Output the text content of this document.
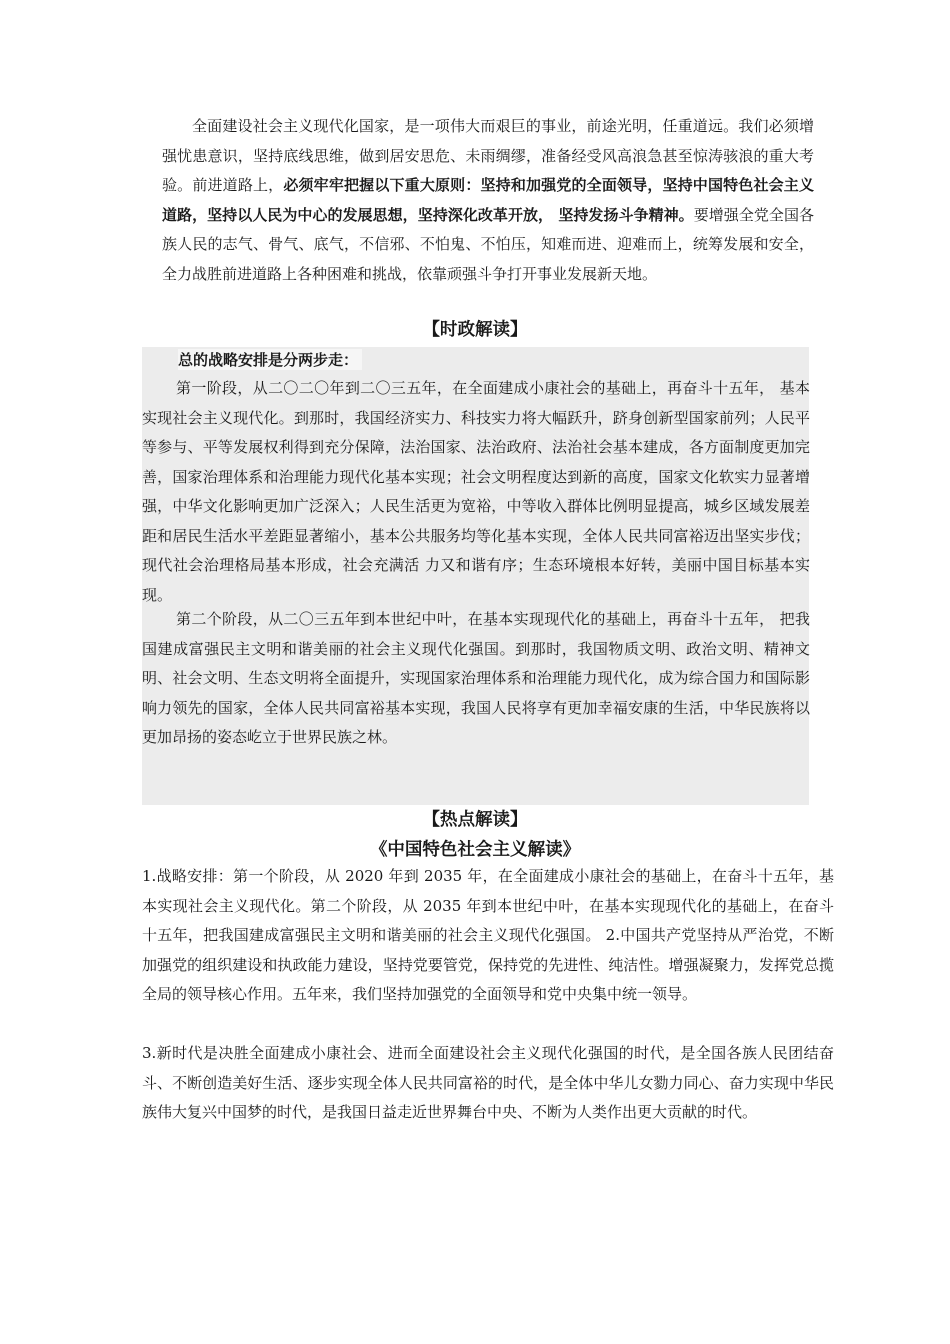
全面建设社会主义现代化国家，是一项伟大而艰巨的事业，前途光明，任重道远。我们必须增强忧患意识，坚持底线思维，做到居安思危、未雨绸缪，准备经受风高浪急甚至惊涛骇浪的重大考验。前进道路上，必须牢牢把握以下重大原则：坚持和加强党的全面领导，坚持中国特色社会主义道路，坚持以人民为中心的发展思想，坚持深化改革开放， 坚持发扬斗争精神。要增强全党全国各族人民的志气、骨气、底气，不信邪、不怕鬼、不怕压，知难而进、迎难而上，统筹发展和安全，全力战胜前进道路上各种困难和挑战，依靠顽强斗争打开事业发展新天地。

【时政解读】

总的战略安排是分两步走：

第一阶段，从二〇二〇年到二〇三五年，在全面建成小康社会的基础上，再奋斗十五年， 基本实现社会主义现代化。到那时，我国经济实力、科技实力将大幅跃升，跻身创新型国家前列；人民平等参与、平等发展权利得到充分保障，法治国家、法治政府、法治社会基本建成，各方面制度更加完善，国家治理体系和治理能力现代化基本实现；社会文明程度达到新的高度，国家文化软实力显著增强，中华文化影响更加广泛深入；人民生活更为宽裕，中等收入群体比例明显提高，城乡区域发展差距和居民生活水平差距显著缩小，基本公共服务均等化基本实现，全体人民共同富裕迈出坚实步伐；现代社会治理格局基本形成，社会充满活 力又和谐有序；生态环境根本好转，美丽中国目标基本实现。

第二个阶段，从二〇三五年到本世纪中叶，在基本实现现代化的基础上，再奋斗十五年， 把我国建成富强民主文明和谐美丽的社会主义现代化强国。到那时，我国物质文明、政治文明、精神文明、社会文明、生态文明将全面提升，实现国家治理体系和治理能力现代化，成为综合国力和国际影响力领先的国家，全体人民共同富裕基本实现，我国人民将享有更加幸福安康的生活，中华民族将以更加昂扬的姿态屹立于世界民族之林。

【热点解读】
《中国特色社会主义解读》

1.战略安排：第一个阶段，从 2020 年到 2035 年，在全面建成小康社会的基础上，在奋斗十五年，基本实现社会主义现代化。第二个阶段，从 2035 年到本世纪中叶，在基本实现现代化的基础上，在奋斗十五年，把我国建成富强民主文明和谐美丽的社会主义现代化强国。 2.中国共产党坚持从严治党，不断加强党的组织建设和执政能力建设，坚持党要管党，保持党的先进性、纯洁性。增强凝聚力，发挥党总揽全局的领导核心作用。五年来，我们坚持加强党的全面领导和党中央集中统一领导。

3.新时代是决胜全面建成小康社会、进而全面建设社会主义现代化强国的时代，是全国各族人民团结奋斗、不断创造美好生活、逐步实现全体人民共同富裕的时代，是全体中华儿女勠力同心、奋力实现中华民族伟大复兴中国梦的时代，是我国日益走近世界舞台中央、不断为人类作出更大贡献的时代。
